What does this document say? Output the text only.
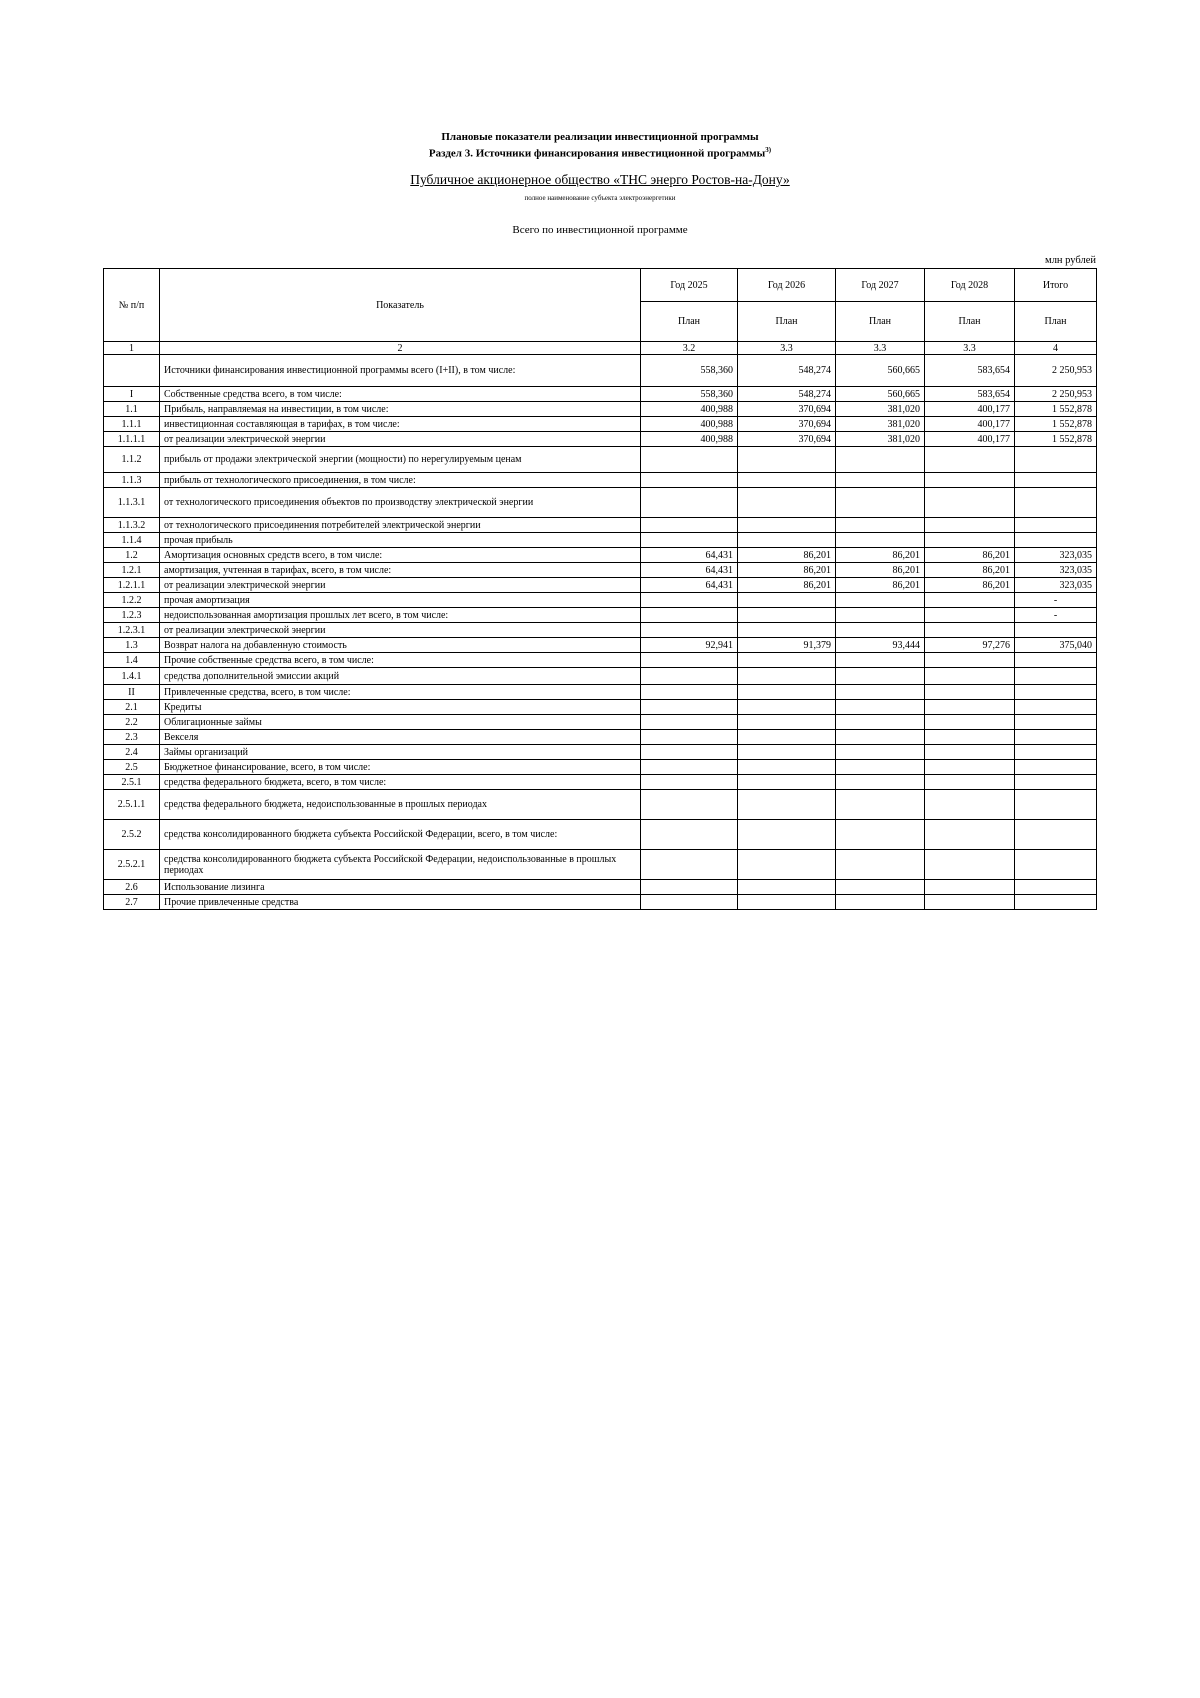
Плановые показатели реализации инвестиционной программы
Раздел 3. Источники финансирования инвестиционной программы$^{3)}$
Публичное акционерное общество «ТНС энерго Ростов-на-Дону»
полное наименование субъекта электроэнергетики
Всего по инвестиционной программе
млн рублей
№ п/п	Показатель	Год 2025	Год 2026	Год 2027	Год 2028	Итого
		План	План	План	План	План
1	2	3.2	3.3	3.3	3.3	4
	Источники финансирования инвестиционной программы всего (I+II), в том числе:	558,360	548,274	560,665	583,654	2 250,953
I	Собственные средства всего, в том числе:	558,360	548,274	560,665	583,654	2 250,953
1.1	Прибыль, направляемая на инвестиции, в том числе:	400,988	370,694	381,020	400,177	1 552,878
1.1.1	инвестиционная составляющая в тарифах, в том числе:	400,988	370,694	381,020	400,177	1 552,878
1.1.1.1	от реализации электрической энергии	400,988	370,694	381,020	400,177	1 552,878
1.1.2	прибыль от продажи электрической энергии (мощности) по нерегулируемым ценам					
1.1.3	прибыль от технологического присоединения, в том числе:					
1.1.3.1	от технологического присоединения объектов по производству электрической энергии					
1.1.3.2	от технологического присоединения потребителей электрической энергии					
1.1.4	прочая прибыль					
1.2	Амортизация основных средств всего, в том числе:	64,431	86,201	86,201	86,201	323,035
1.2.1	амортизация, учтенная в тарифах, всего, в том числе:	64,431	86,201	86,201	86,201	323,035
1.2.1.1	от реализации электрической энергии	64,431	86,201	86,201	86,201	323,035
1.2.2	прочая амортизация					-
1.2.3	недоиспользованная амортизация прошлых лет всего, в том числе:					-
1.2.3.1	от реализации электрической энергии					
1.3	Возврат налога на добавленную стоимость	92,941	91,379	93,444	97,276	375,040
1.4	Прочие собственные средства всего, в том числе:					
1.4.1	средства дополнительной эмиссии акций					
II	Привлеченные средства, всего, в том числе:					
2.1	Кредиты					
2.2	Облигационные займы					
2.3	Векселя					
2.4	Займы организаций					
2.5	Бюджетное финансирование, всего, в том числе:					
2.5.1	средства федерального бюджета, всего, в том числе:					
2.5.1.1	средства федерального бюджета, недоиспользованные в прошлых периодах					
2.5.2	средства консолидированного бюджета субъекта Российской Федерации, всего, в том числе:					
2.5.2.1	средства консолидированного бюджета субъекта Российской Федерации, недоиспользованные в прошлых периодах					
2.6	Использование лизинга					
2.7	Прочие привлеченные средства					
